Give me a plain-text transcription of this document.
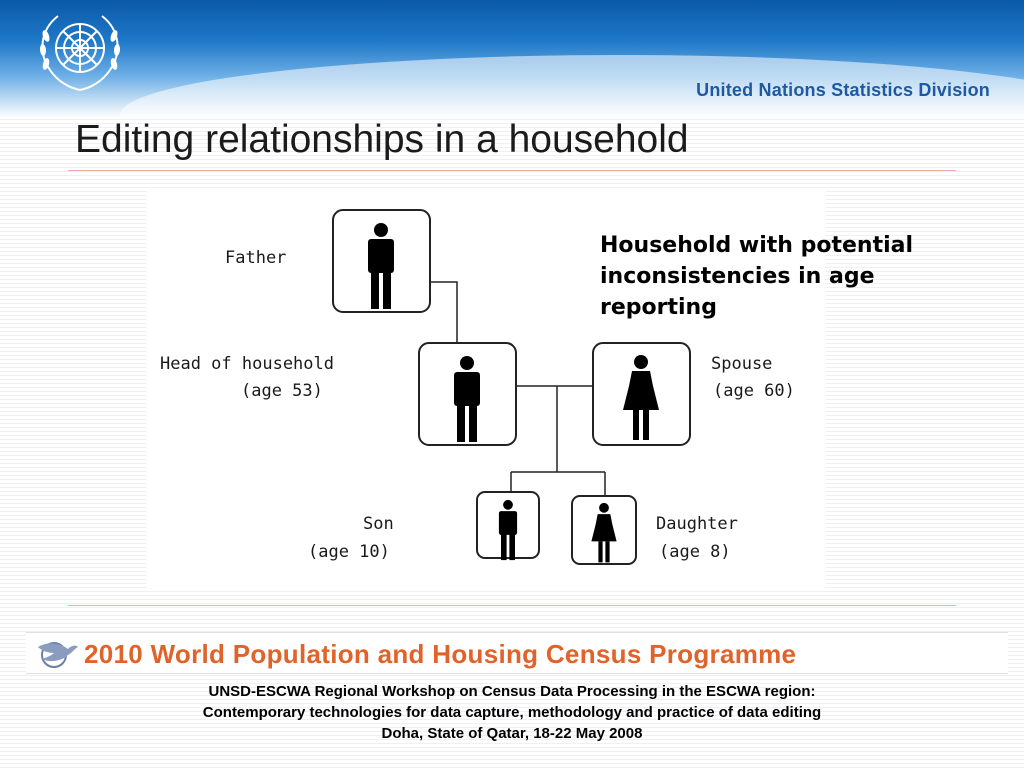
United Nations Statistics Division
Editing relationships in a household
Father
Head of household
(age 53)
Spouse
(age 60)
Son
(age 10)
Daughter
(age 8)
Household with potential
inconsistencies in age
reporting
2010 World Population and Housing Census Programme
UNSD-ESCWA Regional Workshop on Census Data Processing in the ESCWA region:
Contemporary technologies for data capture, methodology and practice of data editing
Doha, State of Qatar, 18-22 May 2008
